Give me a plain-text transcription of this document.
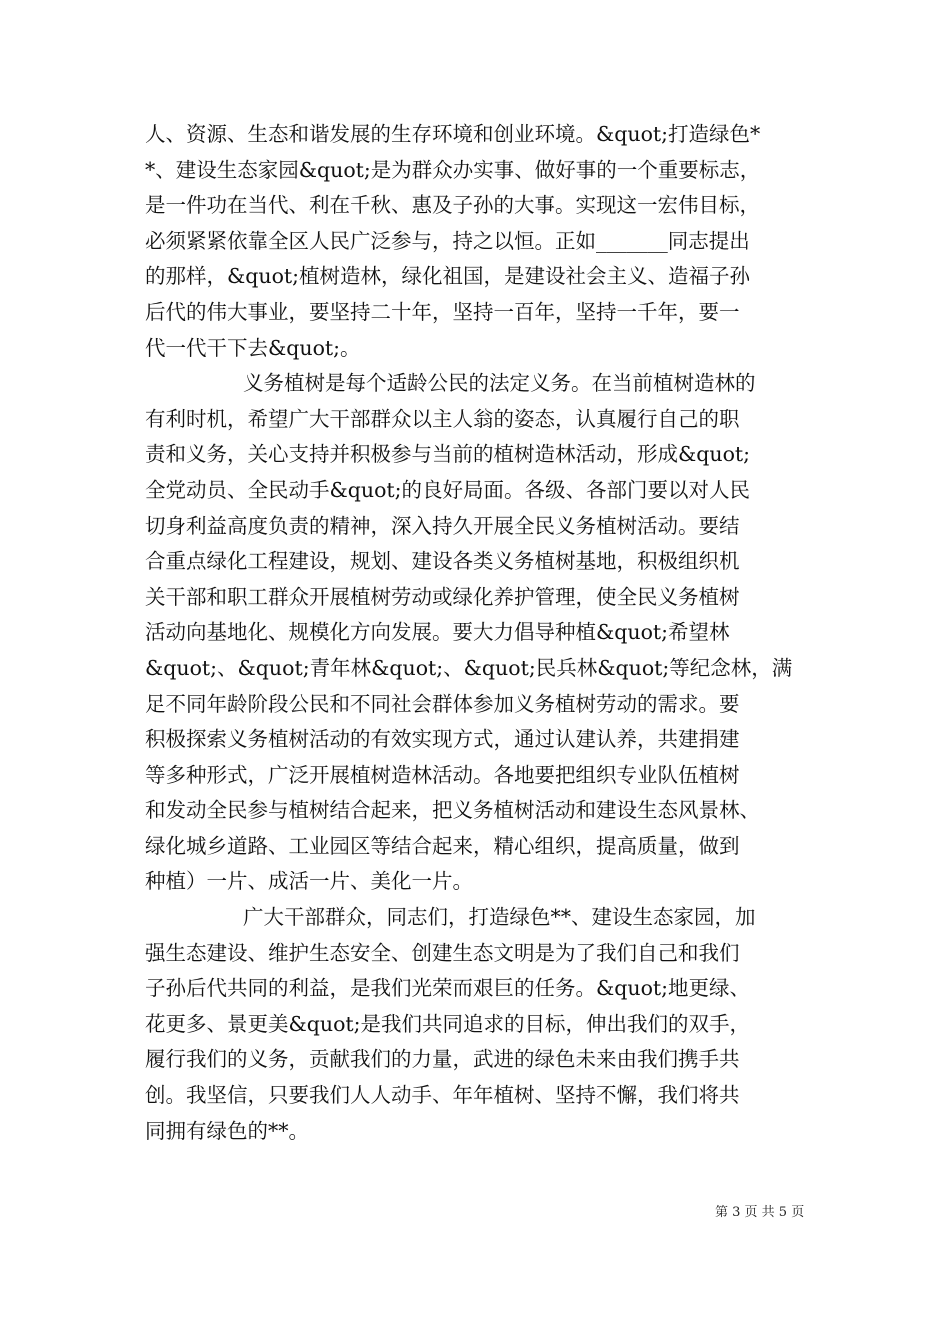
人、资源、生态和谐发展的生存环境和创业环境。&quot;打造绿色*
*、建设生态家园&quot;是为群众办实事、做好事的一个重要标志，
是一件功在当代、利在千秋、惠及子孙的大事。实现这一宏伟目标，
必须紧紧依靠全区人民广泛参与，持之以恒。正如_______同志提出
的那样，&quot;植树造林，绿化祖国，是建设社会主义、造福子孙
后代的伟大事业，要坚持二十年，坚持一百年，坚持一千年，要一
代一代干下去&quot;。
义务植树是每个适龄公民的法定义务。在当前植树造林的
有利时机，希望广大干部群众以主人翁的姿态，认真履行自己的职
责和义务，关心支持并积极参与当前的植树造林活动，形成&quot;
全党动员、全民动手&quot;的良好局面。各级、各部门要以对人民
切身利益高度负责的精神，深入持久开展全民义务植树活动。要结
合重点绿化工程建设，规划、建设各类义务植树基地，积极组织机
关干部和职工群众开展植树劳动或绿化养护管理，使全民义务植树
活动向基地化、规模化方向发展。要大力倡导种植&quot;希望林
&quot;、&quot;青年林&quot;、&quot;民兵林&quot;等纪念林，满
足不同年龄阶段公民和不同社会群体参加义务植树劳动的需求。要
积极探索义务植树活动的有效实现方式，通过认建认养，共建捐建
等多种形式，广泛开展植树造林活动。各地要把组织专业队伍植树
和发动全民参与植树结合起来，把义务植树活动和建设生态风景林、
绿化城乡道路、工业园区等结合起来，精心组织，提高质量，做到
种植）一片、成活一片、美化一片。
广大干部群众，同志们，打造绿色**、建设生态家园，加
强生态建设、维护生态安全、创建生态文明是为了我们自己和我们
子孙后代共同的利益，是我们光荣而艰巨的任务。&quot;地更绿、
花更多、景更美&quot;是我们共同追求的目标，伸出我们的双手，
履行我们的义务，贡献我们的力量，武进的绿色未来由我们携手共
创。我坚信，只要我们人人动手、年年植树、坚持不懈，我们将共
同拥有绿色的**。
第 3 页 共 5 页
